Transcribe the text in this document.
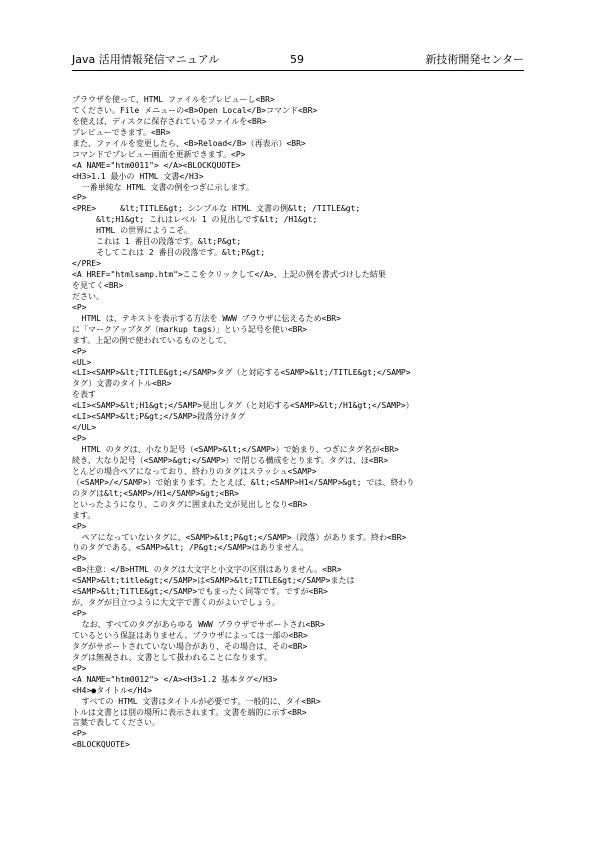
Java 活用情報発信マニュアル	59	新技術開発センター
ブラウザを使って、HTML ファイルをプレビューし<BR>
てください。File メニューの<B>Open Local</B>コマンド<BR>
を使えば、ディスクに保存されているファイルを<BR>
プレビューできます。<BR>
また、ファイルを変更したら、<B>Reload</B>（再表示）<BR>
コマンドでプレビュー画面を更新できます。<P>
<A NAME="htm0011"> </A><BLOCKQUOTE>
<H3>1.1 最小の HTML 文書</H3>
一番単純な HTML 文書の例をつぎに示します。
<P>
<PRE>     &lt;TITLE&gt; シンプルな HTML 文書の例&lt; /TITLE&gt;
&lt;H1&gt; これはレベル 1 の見出しです&lt; /H1&gt;
HTML の世界にようこそ。
これは 1 番目の段落です。&lt;P&gt;
そしてこれは 2 番目の段落です。&lt;P&gt;
</PRE>
<A HREF="htmlsamp.htm">ここをクリックして</A>、上記の例を書式づけした結果
を見てく<BR>
ださい。
<P>
HTML は、テキストを表示する方法を WWW ブラウザに伝えるため<BR>
に「マークアップタグ（markup tags）」という記号を使い<BR>
ます。上記の例で使われているものとして、
<P>
<UL>
<LI><SAMP>&lt;TITLE&gt;</SAMP>タグ（と対応する<SAMP>&lt;/TITLE&gt;</SAMP>
タグ）文書のタイトル<BR>
を表す
<LI><SAMP>&lt;H1&gt;</SAMP>見出しタグ（と対応する<SAMP>&lt;/H1&gt;</SAMP>）
<LI><SAMP>&lt;P&gt;</SAMP>段落分けタグ
</UL>
<P>
HTML のタグは、小なり記号（<SAMP>&lt;</SAMP>）で始まり、つぎにタグ名が<BR>
続き、大なり記号（<SAMP>&gt;</SAMP>）で閉じる構成をとります。タグは、ほ<BR>
とんどの場合ペアになっており、終わりのタグはスラッシュ<SAMP>
（<SAMP>/</SAMP>）で始まります。たとえば、&lt;<SAMP>H1</SAMP>&gt; では、終わり
のタグは&lt;<SAMP>/H1</SAMP>&gt;<BR>
といったようになり、このタグに囲まれた文が見出しとなり<BR>
ます。
<P>
ペアになっていないタグに、<SAMP>&lt;P&gt;</SAMP>（段落）があります。終わ<BR>
りのタグである、<SAMP>&lt; /P&gt;</SAMP>はありません。
<P>
<B>注意：</B>HTML のタグは大文字と小文字の区別はありません。<BR>
<SAMP>&lt;title&gt;</SAMP>は<SAMP>&lt;TITLE&gt;</SAMP>または
<SAMP>&lt;TiTlE&gt;</SAMP>でもまったく同等です。ですが<BR>
が、タグが目立つように大文字で書くのがよいでしょう。
<P>
なお、すべてのタグがあらゆる WWW ブラウザでサポートされ<BR>
ているという保証はありません。ブラウザによっては一部の<BR>
タグがサポートされていない場合があり、その場合は、その<BR>
タグは無視され、文書として扱われることになります。
<P>
<A NAME="htm0012"> </A><H3>1.2 基本タグ</H3>
<H4>●タイトル</H4>
すべての HTML 文書はタイトルが必要です。一般的に、タイ<BR>
トルは文書とは別の場所に表示されます。文書を端的に示す<BR>
言葉で表してください。
<P>
<BLOCKQUOTE>
